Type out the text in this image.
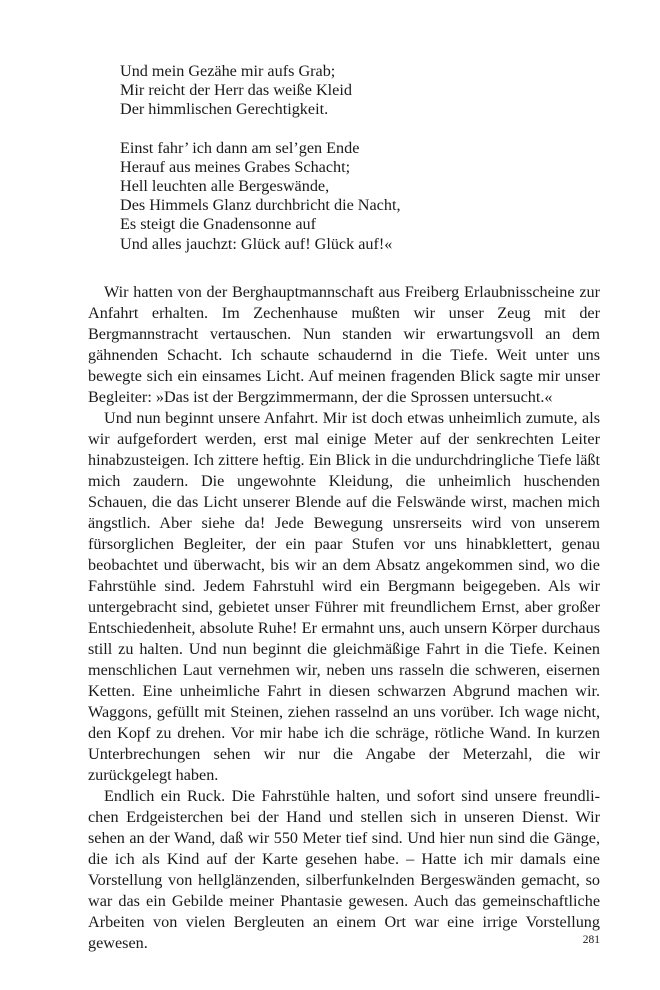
Und mein Gezähe mir aufs Grab;
Mir reicht der Herr das weiße Kleid
Der himmlischen Gerechtigkeit.
Einst fahr’ ich dann am sel’gen Ende
Herauf aus meines Grabes Schacht;
Hell leuchten alle Bergeswände,
Des Himmels Glanz durchbricht die Nacht,
Es steigt die Gnadensonne auf
Und alles jauchzt: Glück auf! Glück auf!«

Wir hatten von der Berghauptmannschaft aus Freiberg Erlaubnisscheine zur Anfahrt erhalten. Im Zechenhause mußten wir unser Zeug mit der Bergmannstracht vertauschen. Nun standen wir erwartungsvoll an dem gähnenden Schacht. Ich schaute schaudernd in die Tiefe. Weit unter uns bewegte sich ein einsames Licht. Auf meinen fragenden Blick sagte mir unser Begleiter: »Das ist der Bergzimmermann, der die Sprossen untersucht.«

Und nun beginnt unsere Anfahrt. Mir ist doch etwas unheimlich zumute, als wir aufgefordert werden, erst mal einige Meter auf der senkrechten Leiter hinabzusteigen. Ich zittere heftig. Ein Blick in die undurchdringliche Tiefe läßt mich zaudern. Die ungewohnte Kleidung, die unheimlich huschenden Schauen, die das Licht unserer Blende auf die Felswände wirst, machen mich ängstlich. Aber siehe da! Jede Bewegung unsrerseits wird von unserem fürsorglichen Begleiter, der ein paar Stufen vor uns hinabklettert, genau beobachtet und überwacht, bis wir an dem Absatz angekommen sind, wo die Fahrstühle sind. Jedem Fahrstuhl wird ein Bergmann beigegeben. Als wir untergebracht sind, gebietet unser Führer mit freundlichem Ernst, aber großer Entschiedenheit, absolute Ruhe! Er ermahnt uns, auch unsern Körper durchaus still zu halten. Und nun beginnt die gleichmäßige Fahrt in die Tiefe. Keinen menschlichen Laut vernehmen wir, neben uns rasseln die schweren, eisernen Ketten. Eine unheimliche Fahrt in diesen schwarzen Abgrund machen wir. Waggons, gefüllt mit Steinen, ziehen rasselnd an uns vorüber. Ich wage nicht, den Kopf zu drehen. Vor mir habe ich die schräge, rötliche Wand. In kurzen Unterbrechungen sehen wir nur die Angabe der Meterzahl, die wir zurückgelegt haben.

Endlich ein Ruck. Die Fahrstühle halten, und sofort sind unsere freundlichen Erdgeisterchen bei der Hand und stellen sich in unseren Dienst. Wir sehen an der Wand, daß wir 550 Meter tief sind. Und hier nun sind die Gänge, die ich als Kind auf der Karte gesehen habe. – Hatte ich mir damals eine Vorstellung von hellglänzenden, silberfunkelnden Bergeswänden gemacht, so war das ein Gebilde meiner Phantasie gewesen. Auch das gemeinschaftliche Arbeiten von vielen Bergleuten an einem Ort war eine irrige Vorstellung gewesen.	281
